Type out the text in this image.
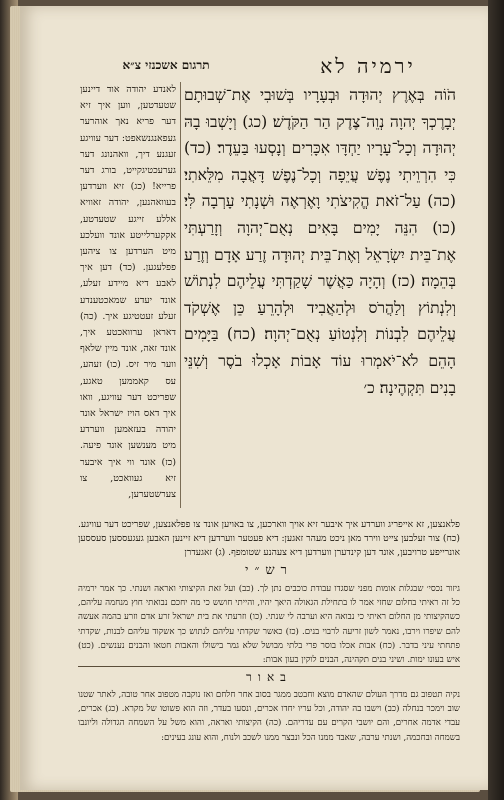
ירמיה לא
תרגום אשכנזי צ״א

הֹוֹה בְּאֶרֶץ יְהוּדָה וּבְעָרָיו בְּשׁוּבִי אֶת־שְׁבוּתָם יְבָרֶכְךָ יְהוָה נְוֵה־צֶדֶק הַר הַקֹּדֶשׁ׃ (כג) וְיָשְׁבוּ בָהּ יְהוּדָה וְכָל־עָרָיו יַחְדָּו אִכָּרִים וְנָסְעוּ בַּעֵדֶר׃ (כד) כִּי הִרְוֵיתִי נֶפֶשׁ עֲיֵפָה וְכָל־נֶפֶשׁ דָּאֲבָה מִלֵּאתִי׃ (כה) עַל־זֹאת הֱקִיצֹתִי וָאֶרְאֶה וּשְׁנָתִי עָרְבָה לִּי׃ (כו) הִנֵּה יָמִים בָּאִים נְאֻם־יְהוָה וְזָרַעְתִּי אֶת־בֵּית יִשְׂרָאֵל וְאֶת־בֵּית יְהוּדָה זֶרַע אָדָם וְזֶרַע בְּהֵמָה׃ (כז) וְהָיָה כַּאֲשֶׁר שָׁקַדְתִּי עֲלֵיהֶם לִנְתוֹשׁ וְלִנְתוֹץ וְלַהֲרֹס וּלְהַאֲבִיד וּלְהָרֵעַ כֵּן אֶשְׁקֹד עֲלֵיהֶם לִבְנוֹת וְלִנְטוֹעַ נְאֻם־יְהוָה׃ (כח) בַּיָּמִים הָהֵם לֹא־יֹאמְרוּ עוֹד אָבוֹת אָכְלוּ בֹסֶר וְשִׁנֵּי בָנִים תִּקְהֶינָה׃ כ׳

לאנדע יהודה אוד דיינען שטעדטען, ווען איך זיא דער פריא נאך אוהרער געפאנגנשאפט: דער עוויגע זעגנע דיך, וואהנונג דער גערעכטיגקייט, בורג דער פרייא! (כג) זיא ווערדען בעוואהנען, יהודה זאוויא אללע זייגע שטעדטע, אקקערלייטע אונד וועלכע מיט הערדען צו ציהען פפלעגען. (כד) דען איך לאבע דיא מיידע זעלע, אונד יעדע שמאכטענדע זעלע זעטטיגע איך. (כה) דאראן ערוואכטע איך, אונד זאה, אונד מיין שלאף ווער מיר זיס. (כו) זעהע, עס קאממען טאגע, שפריכט דער עוויגע, וואו איך דאס הויז ישראל אונד יהודה בעזאמען ווערדע מיט מענשען אונד פיעה. (כז) אונד ווי איך איבער זיא געוואכט, צו צערשטערען,

פלאנצען, זא אייפריג ווערדע איך איבער זיא אויך ווארכען, צו באויען אונד צו פפלאנצען, שפריכט דער עוויגע. (כח) צור זעלבען צייט ווירד מאן ניכט מעהר זאגען: דיא פעטער ווערדען דיא זיינען האבען געגעססען סעססען אונרייפע טרויבען, אונד דען קינדערן ווערדען דיא צעהנע שטומפף. (ג) זאגעדרן

רש״י

גיזור נכסי׳ שבגלות אומות מפני שסגדו עבודת כוכבים נתן לך. (כב) ועל זאת הקיצותי ואראה ושנתי. כך אמר ירמיה כל זה ראיתי בחלום שחזי אמר לו בתחילת הגאולה היאך יהיו, והייתי חושש כי מה יחכם נבואתי חוץ מנחמה עליהם, כשהקיצותי מן החלום ראיתי כי נבואה היא וערבה לי שנתי. (כו) וזרעתי את בית ישראל זרע אדם וזרע בהמה אעשה להם שיפרו וירבו, נאמר לשון זריעה לרבוי בנים. (כז) כאשר שקדתי עליהם לנתוש כך אשקוד עליהם לבנות, שקדתי פתחתי עיני בדבר. (כח) אבות אכלו בוסר פרי בלתי מבושל שלא גמר בישולו והאבות חטאו והבנים נענשים. (כט) איש בעונו ימות. ושיני בנים תקהינה, הבנים לוקין בעון אבות:

באור

נקיה תטפוב גם מדרך העולם שהאדם מוצא וחבטב ממגר בסוב אחר חלחם ואז נוקבה מטפוב אחר טובה, לאתר שטנו שוב וימכר בנחלה (כב) וישבו בה יהודה, וכל עריו יחדו אכרים, ונסעו בעדר, וזה הוא פשוטו של מקרא. (כג) אכרים, עבדי אדמה אחרים, והם יושבי הקרים עם עדריהם. (כה) הקיצותי ואראה, והוא משל על השמחה הגדולה וליונבו בשמחה ובחכמה, ושנתי ערבה, שאבד ממנו הכל ונבצר ממנו לשכב ולנוח, והוא עונג בעינים:
